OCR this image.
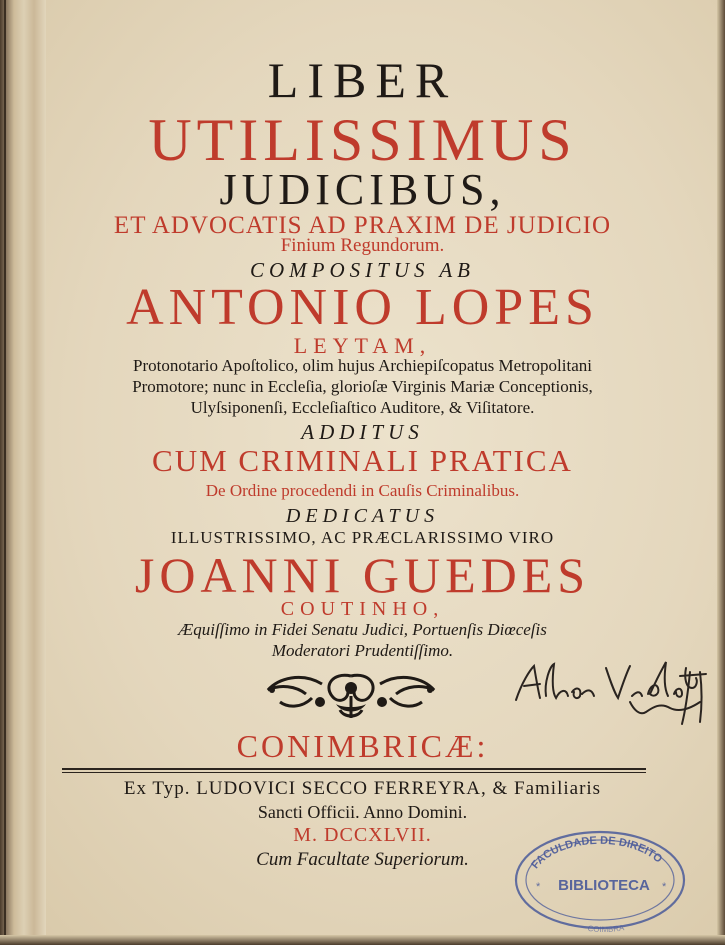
LIBER
UTILISSIMUS
JUDICIBUS,
ET ADVOCATIS AD PRAXIM DE JUDICIO
Finium Regundorum.
COMPOSITUS AB
ANTONIO LOPES
LEYTAM,
Protonotario Apoſtolico, olim hujus Archiepiſcopatus Metropolitani
Promotore; nunc in Eccleſia, glorioſæ Virginis Mariæ Conceptionis,
Ulyſsiponenſi, Eccleſiaſtico Auditore, & Viſitatore.
ADDITUS
CUM CRIMINALI PRATICA
De Ordine procedendi in Cauſis Criminalibus.
DEDICATUS
ILLUSTRISSIMO, AC PRÆCLARISSIMO VIRO
JOANNI GUEDES
COUTINHO,
Æquiſſimo in Fidei Senatu Judici, Portuenſis Diœceſis
Moderatori Prudentiſſimo.
CONIMBRICÆ:
Ex Typ. LUDOVICI SECCO FERREYRA, & Familiaris
Sancti Officii. Anno Domini.
M. DCCXLVII.
Cum Facultate Superiorum.	FACULDADE DE DIREITO
BIBLIOTECA
*	*
COIMBRA
